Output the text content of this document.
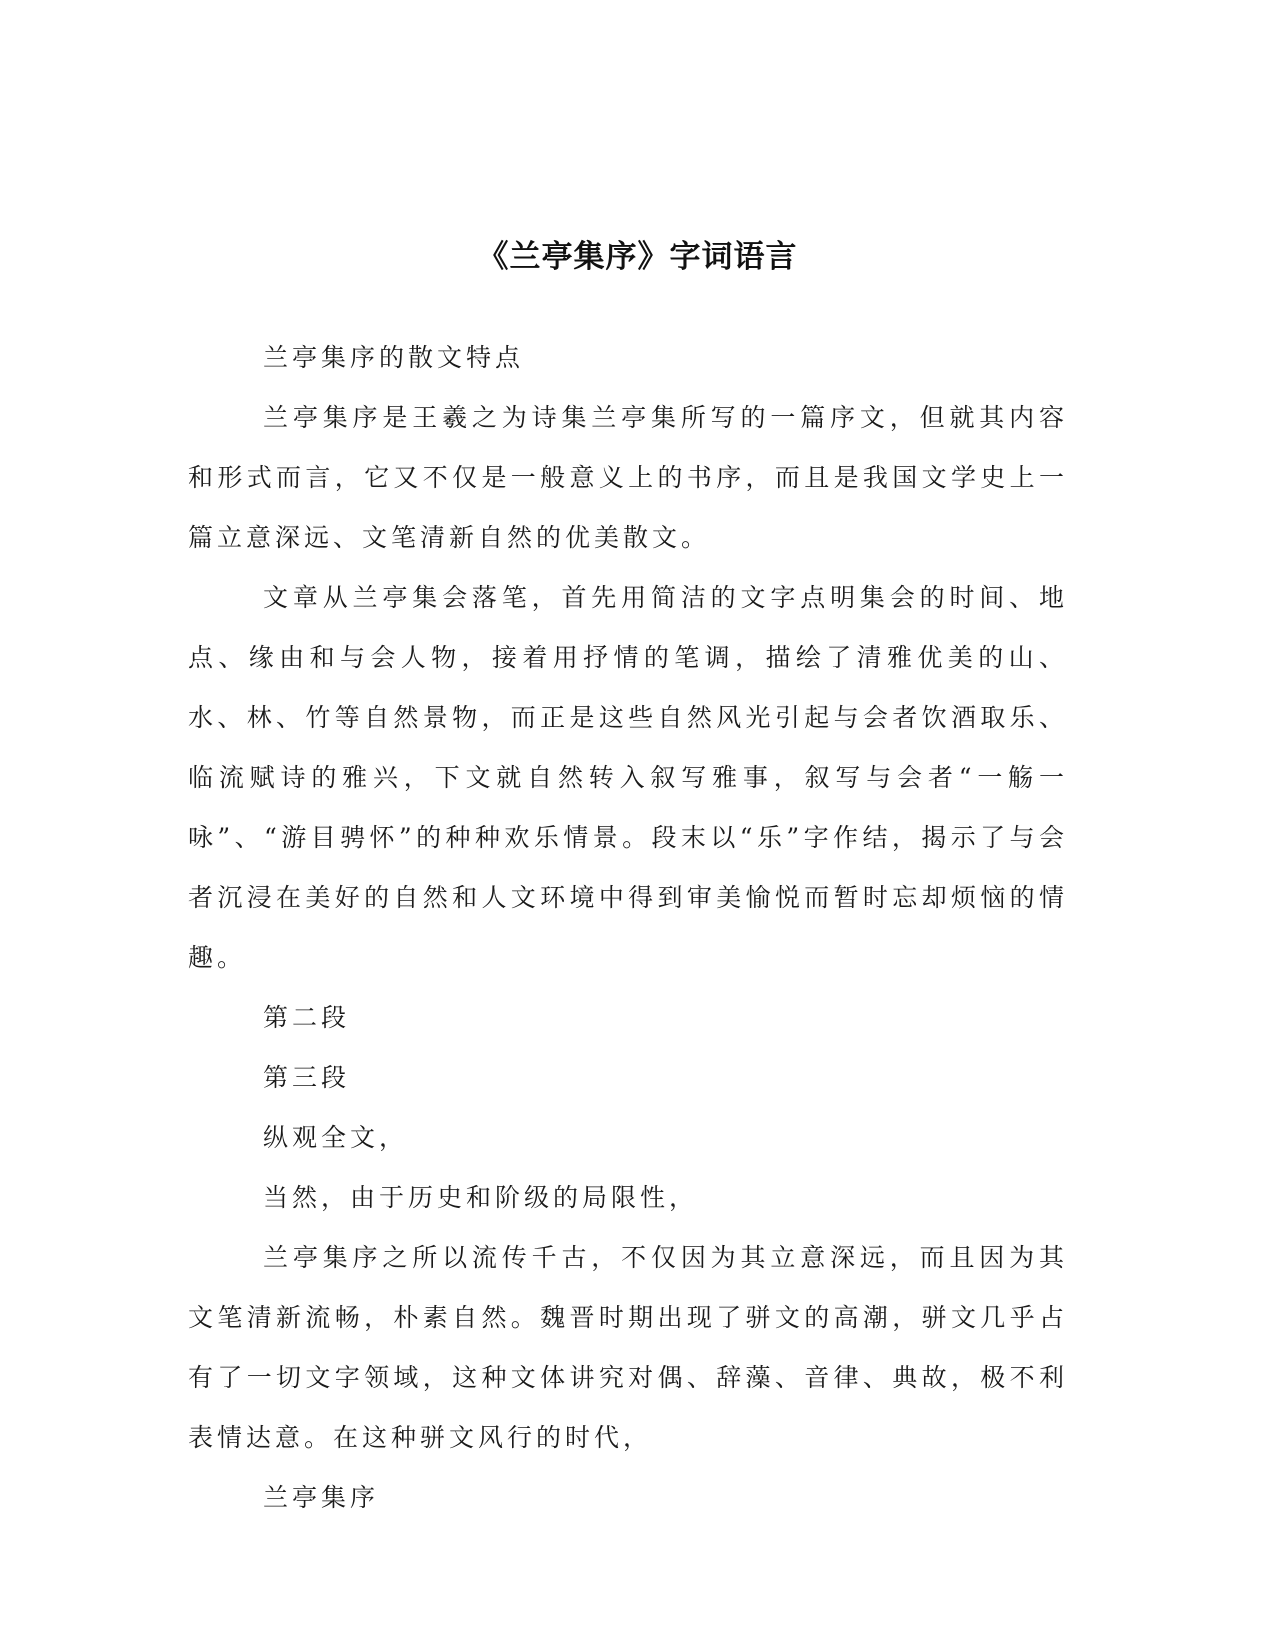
《兰亭集序》字词语言

兰亭集序的散文特点

兰亭集序是王羲之为诗集兰亭集所写的一篇序文，但就其内容和形式而言，它又不仅是一般意义上的书序，而且是我国文学史上一篇立意深远、文笔清新自然的优美散文。

文章从兰亭集会落笔，首先用简洁的文字点明集会的时间、地点、缘由和与会人物，接着用抒情的笔调，描绘了清雅优美的山、水、林、竹等自然景物，而正是这些自然风光引起与会者饮酒取乐、临流赋诗的雅兴，下文就自然转入叙写雅事，叙写与会者“一觞一咏”、“游目骋怀”的种种欢乐情景。段末以“乐”字作结，揭示了与会者沉浸在美好的自然和人文环境中得到审美愉悦而暂时忘却烦恼的情趣。

第二段

第三段

纵观全文，

当然，由于历史和阶级的局限性，

兰亭集序之所以流传千古，不仅因为其立意深远，而且因为其文笔清新流畅，朴素自然。魏晋时期出现了骈文的高潮，骈文几乎占有了一切文字领域，这种文体讲究对偶、辞藻、音律、典故，极不利表情达意。在这种骈文风行的时代，

兰亭集序
